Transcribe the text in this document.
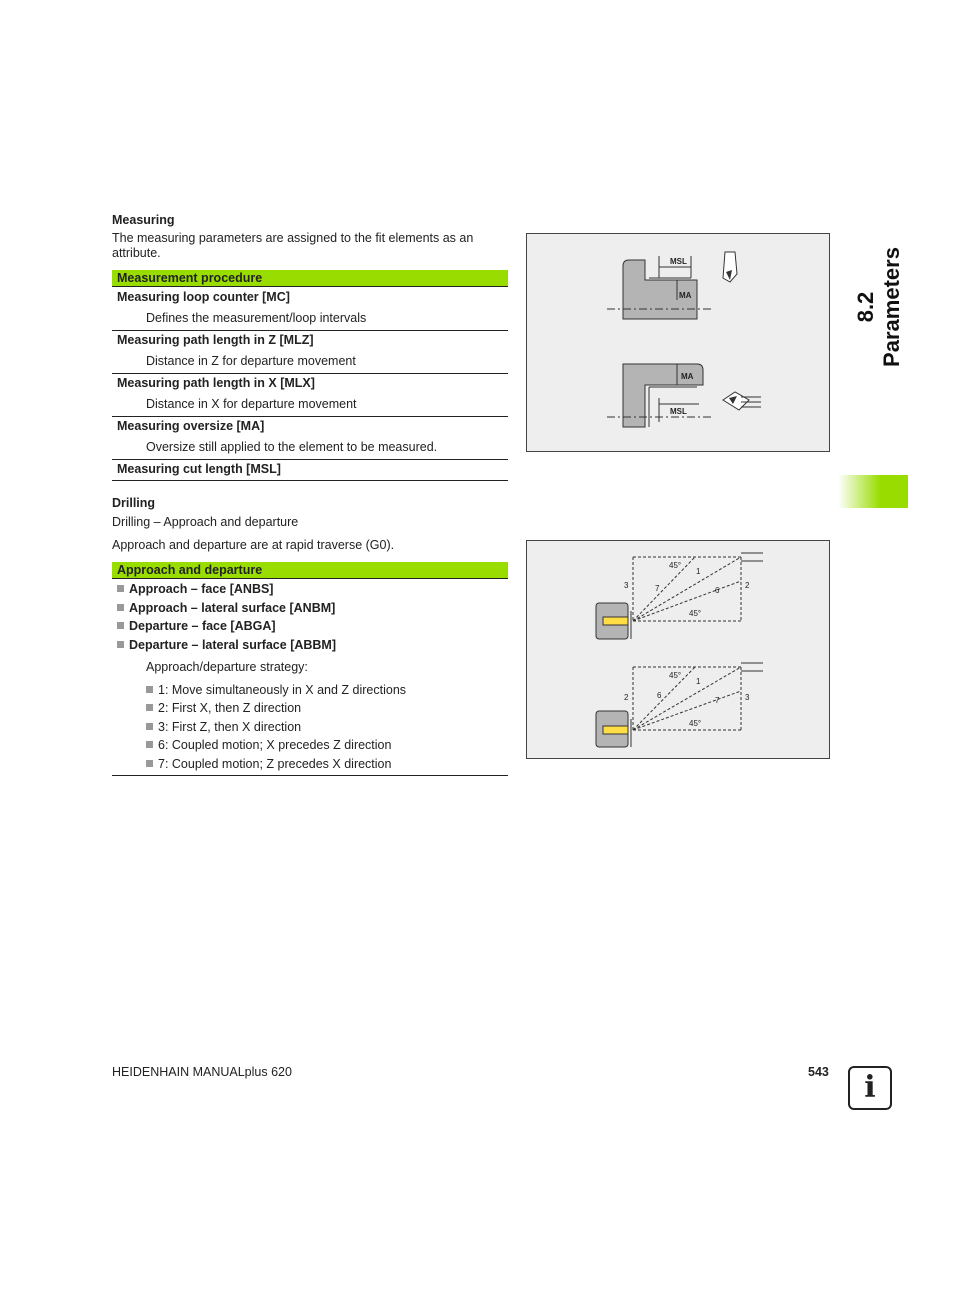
Measuring
The measuring parameters are assigned to the fit elements as an attribute.
Measurement procedure
Measuring loop counter [MC]
Defines the measurement/loop intervals
Measuring path length in Z [MLZ]
Distance in Z for departure movement
Measuring path length in X [MLX]
Distance in X for departure movement
Measuring oversize [MA]
Oversize still applied to the element to be measured.
Measuring cut length [MSL]
MSL
MA
MA
MSL
Drilling
Drilling – Approach and departure
Approach and departure are at rapid traverse (G0).
Approach and departure
Approach – face [ANBS]
Approach – lateral surface [ANBM]
Departure – face [ABGA]
Departure – lateral surface [ABBM]
Approach/departure strategy:
1: Move simultaneously in X and Z directions
2: First X, then Z direction
3: First Z, then X direction
6: Coupled motion; X precedes Z direction
7: Coupled motion; Z precedes X direction
45°
45°
1
2
3
6
7
45°
45°
1
2	3
6
7
8.2 Parameters
HEIDENHAIN MANUALplus 620	543	i
